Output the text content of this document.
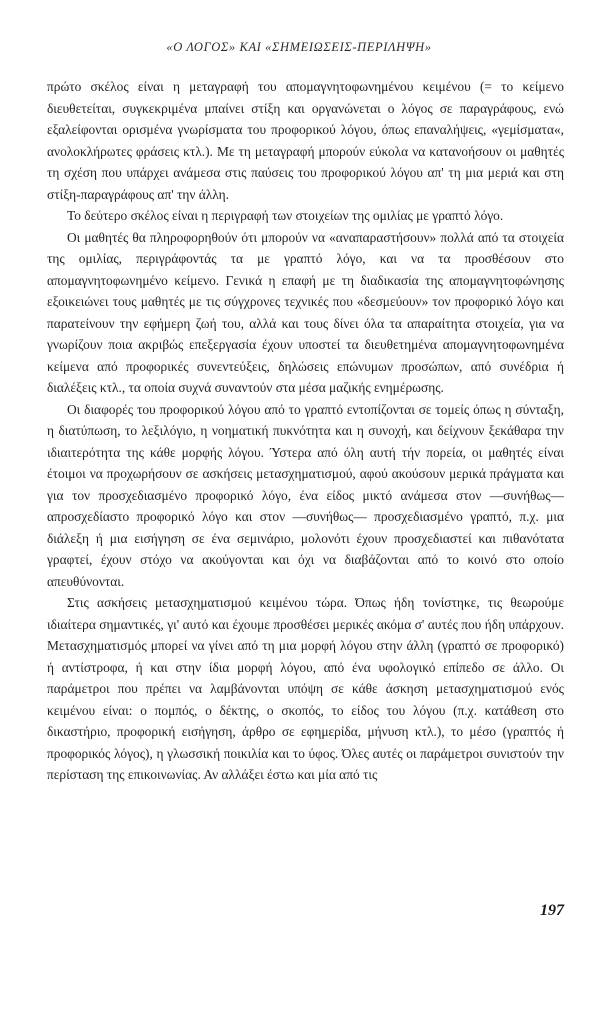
«Ο ΛΟΓΟΣ» ΚΑΙ «ΣΗΜΕΙΩΣΕΙΣ-ΠΕΡΙΛΗΨΗ»

πρώτο σκέλος είναι η μεταγραφή του απομαγνητοφωνημένου κειμένου (= το κείμενο διευθετείται, συγκεκριμένα μπαίνει στίξη και οργανώνεται ο λόγος σε παραγράφους, ενώ εξαλείφονται ορισμένα γνωρίσματα του προφορικού λόγου, όπως επαναλήψεις, «γεμίσματα«, ανολοκλήρωτες φράσεις κτλ.). Με τη μεταγραφή μπορούν εύκολα να κατανοήσουν οι μαθητές τη σχέση που υπάρχει ανάμεσα στις παύσεις του προφορικού λόγου απ' τη μια μεριά και στη στίξη-παραγράφους απ' την άλλη.

Το δεύτερο σκέλος είναι η περιγραφή των στοιχείων της ομιλίας με γραπτό λόγο.

Οι μαθητές θα πληροφορηθούν ότι μπορούν να «αναπαραστήσουν» πολλά από τα στοιχεία της ομιλίας, περιγράφοντάς τα με γραπτό λόγο, και να τα προσθέσουν στο απομαγνητοφωνημένο κείμενο. Γενικά η επαφή με τη διαδικασία της απομαγνητοφώνησης εξοικειώνει τους μαθητές με τις σύγχρονες τεχνικές που «δεσμεύουν» τον προφορικό λόγο και παρατείνουν την εφήμερη ζωή του, αλλά και τους δίνει όλα τα απαραίτητα στοιχεία, για να γνωρίζουν ποια ακριβώς επεξεργασία έχουν υποστεί τα διευθετημένα απομαγνητοφωνημένα κείμενα από προφορικές συνεντεύξεις, δηλώσεις επώνυμων προσώπων, από συνέδρια ή διαλέξεις κτλ., τα οποία συχνά συναντούν στα μέσα μαζικής ενημέρωσης.

Οι διαφορές του προφορικού λόγου από το γραπτό εντοπίζονται σε τομείς όπως η σύνταξη, η διατύπωση, το λεξιλόγιο, η νοηματική πυκνότητα και η συνοχή, και δείχνουν ξεκάθαρα την ιδιαιτερότητα της κάθε μορφής λόγου. Ύστερα από όλη αυτή τήν πορεία, οι μαθητές είναι έτοιμοι να προχωρήσουν σε ασκήσεις μετασχηματισμού, αφού ακούσουν μερικά πράγματα και για τον προσχεδιασμένο προφορικό λόγο, ένα είδος μικτό ανάμεσα στον —συνήθως— απροσχεδίαστο προφορικό λόγο και στον —συνήθως— προσχεδιασμένο γραπτό, π.χ. μια διάλεξη ή μια εισήγηση σε ένα σεμινάριο, μολονότι έχουν προσχεδιαστεί και πιθανότατα γραφτεί, έχουν στόχο να ακούγονται και όχι να διαβάζονται από το κοινό στο οποίο απευθύνονται.

Στις ασκήσεις μετασχηματισμού κειμένου τώρα. Όπως ήδη τονίστηκε, τις θεωρούμε ιδιαίτερα σημαντικές, γι' αυτό και έχουμε προσθέσει μερικές ακόμα σ' αυτές που ήδη υπάρχουν. Μετασχηματισμός μπορεί να γίνει από τη μια μορφή λόγου στην άλλη (γραπτό σε προφορικό) ή αντίστροφα, ή και στην ίδια μορφή λόγου, από ένα υφολογικό επίπεδο σε άλλο. Οι παράμετροι που πρέπει να λαμβάνονται υπόψη σε κάθε άσκηση μετασχηματισμού ενός κειμένου είναι: ο πομπός, ο δέκτης, ο σκοπός, το είδος του λόγου (π.χ. κατάθεση στο δικαστήριο, προφορική εισήγηση, άρθρο σε εφημερίδα, μήνυση κτλ.), το μέσο (γραπτός ή προφορικός λόγος), η γλωσσική ποικιλία και το ύφος. Όλες αυτές οι παράμετροι συνιστούν την περίσταση της επικοινωνίας. Αν αλλάξει έστω και μία από τις

197
